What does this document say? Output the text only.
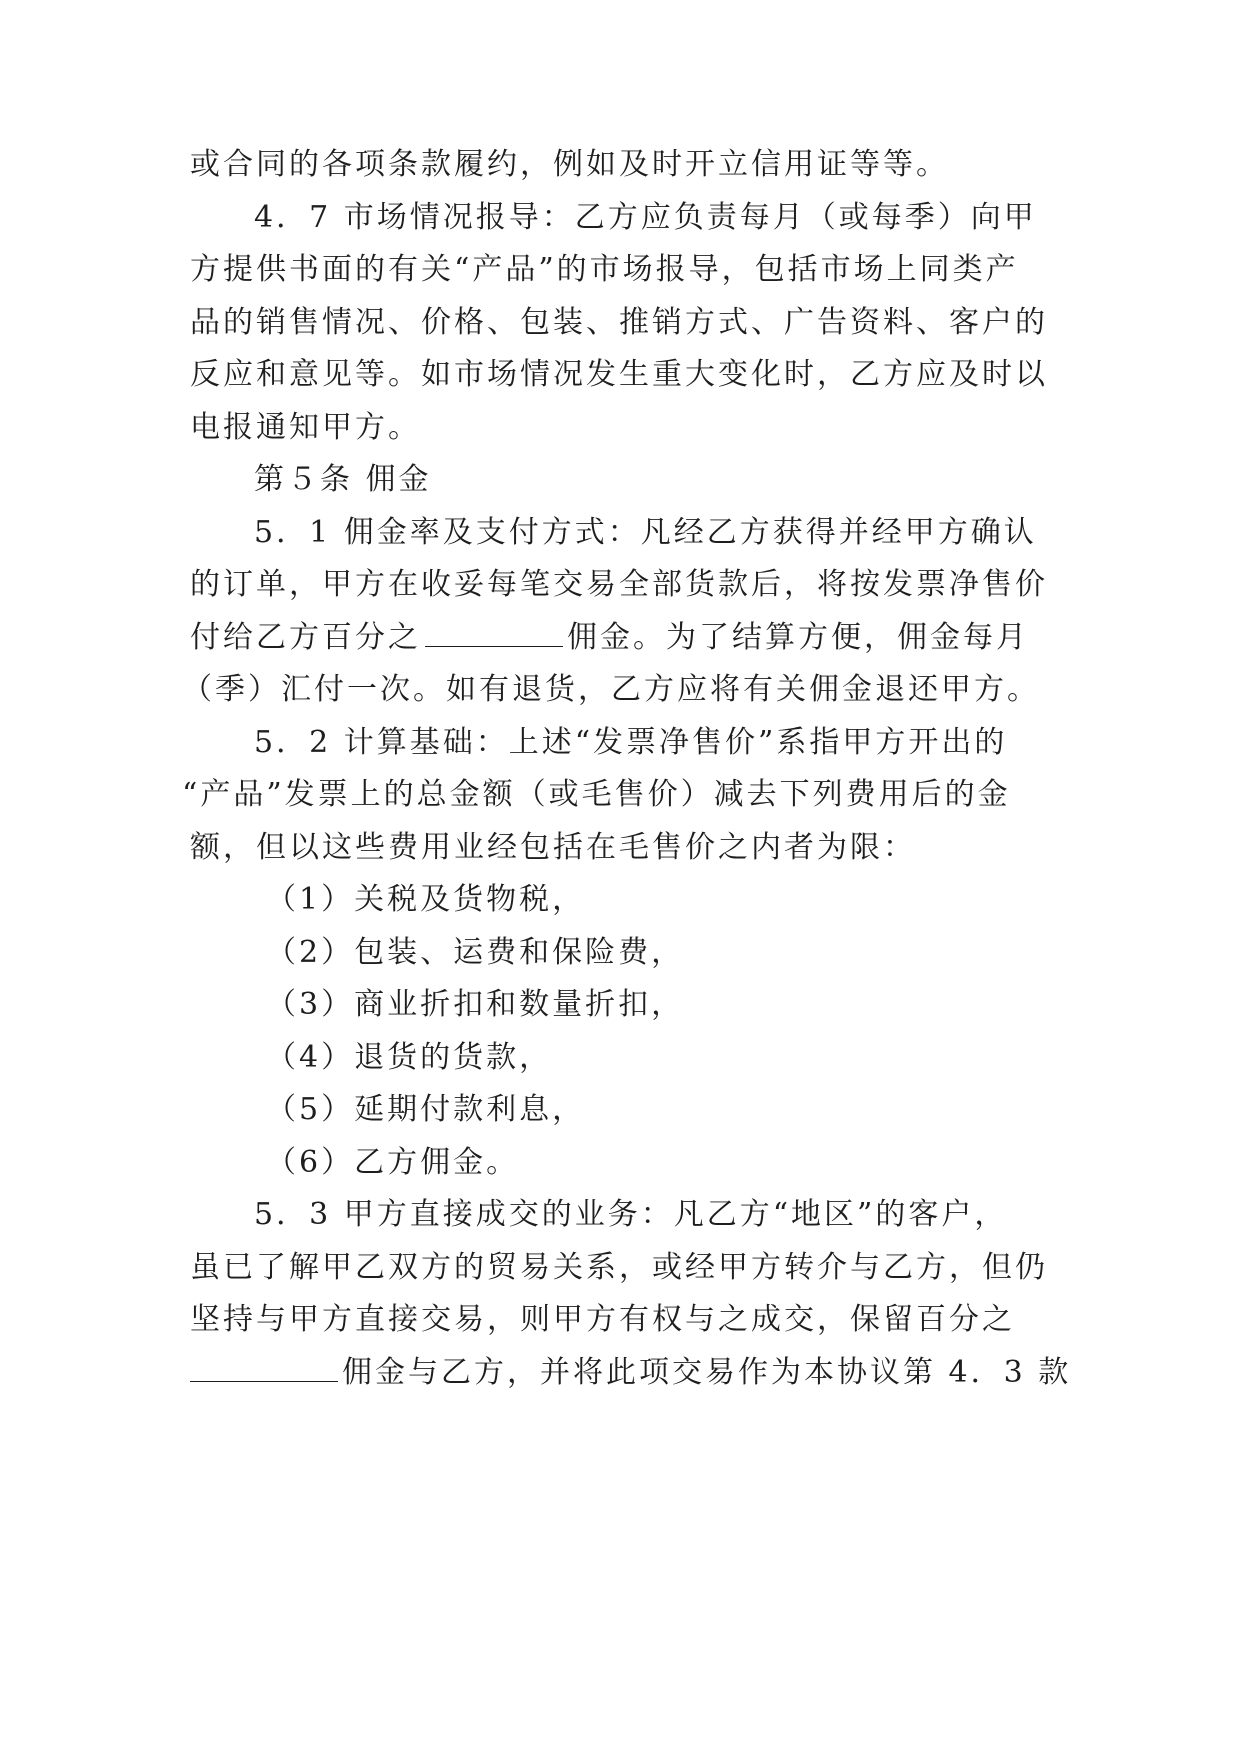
或合同的各项条款履约，例如及时开立信用证等等。
4．7 市场情况报导：乙方应负责每月（或每季）向甲
方提供书面的有关“产品”的市场报导，包括市场上同类产
品的销售情况、价格、包装、推销方式、广告资料、客户的
反应和意见等。如市场情况发生重大变化时，乙方应及时以
电报通知甲方。
第５条 佣金
5．1 佣金率及支付方式：凡经乙方获得并经甲方确认
的订单，甲方在收妥每笔交易全部货款后，将按发票净售价
付给乙方百分之	佣金。为了结算方便，佣金每月
（季）汇付一次。如有退货，乙方应将有关佣金退还甲方。
5．2 计算基础：上述“发票净售价”系指甲方开出的
“产品”发票上的总金额（或毛售价）减去下列费用后的金
额，但以这些费用业经包括在毛售价之内者为限：
（1）关税及货物税，
（2）包装、运费和保险费，
（3）商业折扣和数量折扣，
（4）退货的货款，
（5）延期付款利息，
（6）乙方佣金。
5．3 甲方直接成交的业务：凡乙方“地区”的客户，
虽已了解甲乙双方的贸易关系，或经甲方转介与乙方，但仍
坚持与甲方直接交易，则甲方有权与之成交，保留百分之
佣金与乙方，并将此项交易作为本协议第 4．3 款
